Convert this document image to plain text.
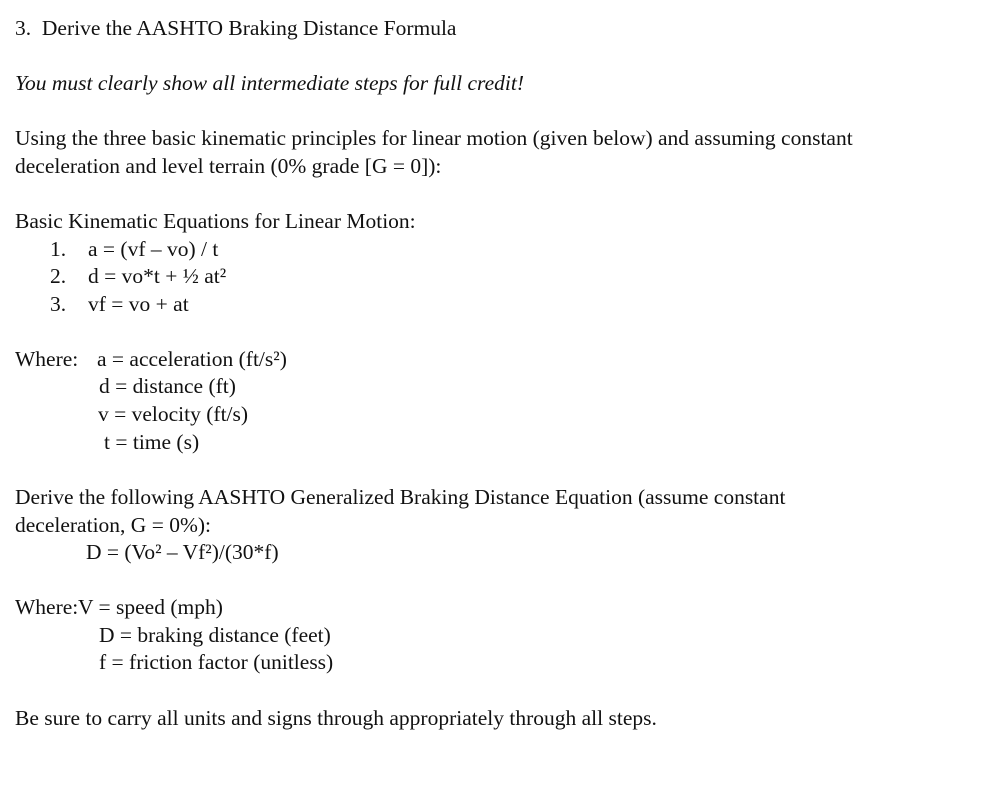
3. Derive the AASHTO Braking Distance Formula
You must clearly show all intermediate steps for full credit!
Using the three basic kinematic principles for linear motion (given below) and assuming constant
deceleration and level terrain (0% grade [G = 0]):
Basic Kinematic Equations for Linear Motion:
1. a = (vf – vo) / t
2. d = vo*t + ½ at²
3. vf = vo + at
Where: a = acceleration (ft/s²)
d = distance (ft)
v = velocity (ft/s)
t = time (s)
Derive the following AASHTO Generalized Braking Distance Equation (assume constant
deceleration, G = 0%):
D = (Vo² – Vf²)/(30*f)
Where: V = speed (mph)
D = braking distance (feet)
f = friction factor (unitless)
Be sure to carry all units and signs through appropriately through all steps.
